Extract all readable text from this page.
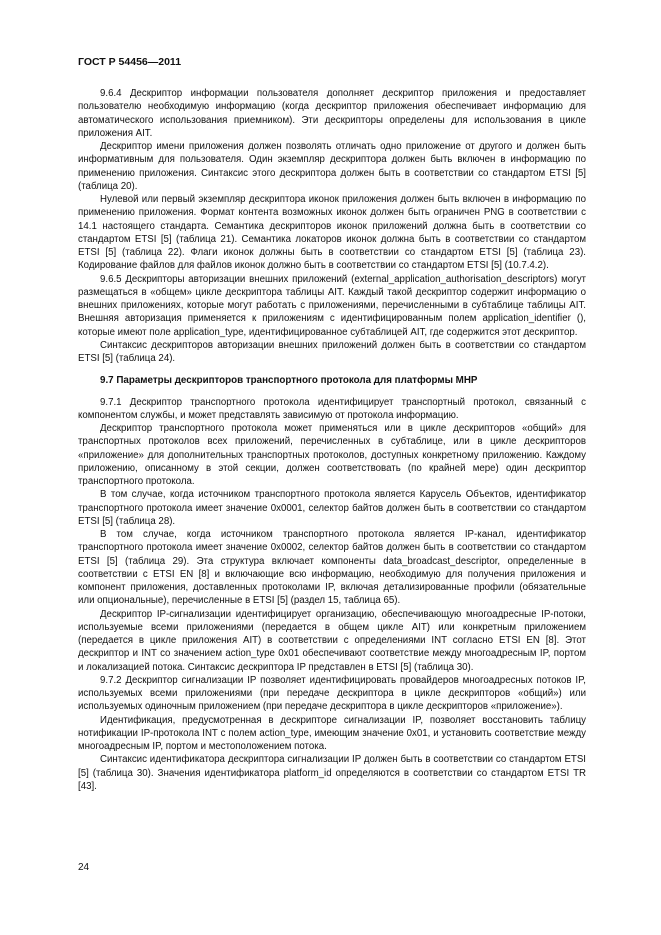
ГОСТ Р 54456—2011

9.6.4 Дескриптор информации пользователя дополняет дескриптор приложения и предоставляет пользователю необходимую информацию (когда дескриптор приложения обеспечивает информацию для автоматического использования приемником). Эти дескрипторы определены для использования в цикле приложения AIT.

Дескриптор имени приложения должен позволять отличать одно приложение от другого и должен быть информативным для пользователя. Один экземпляр дескриптора должен быть включен в информацию по применению приложения. Синтаксис этого дескриптора должен быть в соответствии со стандартом ETSI [5] (таблица 20).

Нулевой или первый экземпляр дескриптора иконок приложения должен быть включен в информацию по применению приложения. Формат контента возможных иконок должен быть ограничен PNG в соответствии с 14.1 настоящего стандарта. Семантика дескрипторов иконок приложений должна быть в соответствии со стандартом ETSI [5] (таблица 21). Семантика локаторов иконок должна быть в соответствии со стандартом ETSI [5] (таблица 22). Флаги иконок должны быть в соответствии со стандартом ETSI [5] (таблица 23). Кодирование файлов для файлов иконок должно быть в соответствии со стандартом ETSI [5] (10.7.4.2).

9.6.5 Дескрипторы авторизации внешних приложений (external_application_authorisation_descriptors) могут размещаться в «общем» цикле дескриптора таблицы AIT. Каждый такой дескриптор содержит информацию о внешних приложениях, которые могут работать с приложениями, перечисленными в субтаблице таблицы AIT. Внешняя авторизация применяется к приложениям с идентифицированным полем application_identifier (), которые имеют поле application_type, идентифицированное субтаблицей AIT, где содержится этот дескриптор.

Синтаксис дескрипторов авторизации внешних приложений должен быть в соответствии со стандартом ETSI [5] (таблица 24).

9.7 Параметры дескрипторов транспортного протокола для платформы МНР

9.7.1 Дескриптор транспортного протокола идентифицирует транспортный протокол, связанный с компонентом службы, и может представлять зависимую от протокола информацию.

Дескриптор транспортного протокола может применяться или в цикле дескрипторов «общий» для транспортных протоколов всех приложений, перечисленных в субтаблице, или в цикле дескрипторов «приложение» для дополнительных транспортных протоколов, доступных конкретному приложению. Каждому приложению, описанному в этой секции, должен соответствовать (по крайней мере) один дескриптор транспортного протокола.

В том случае, когда источником транспортного протокола является Карусель Объектов, идентификатор транспортного протокола имеет значение 0x0001, селектор байтов должен быть в соответствии со стандартом ETSI [5] (таблица 28).

В том случае, когда источником транспортного протокола является IP-канал, идентификатор транспортного протокола имеет значение 0x0002, селектор байтов должен быть в соответствии со стандартом ETSI [5] (таблица 29). Эта структура включает компоненты data_broadcast_descriptor, определенные в соответствии с ETSI EN [8] и включающие всю информацию, необходимую для получения приложения и компонент приложения, доставленных протоколами IP, включая детализированные профили (обязательные или опциональные), перечисленные в ETSI [5] (раздел 15, таблица 65).

Дескриптор IP-сигнализации идентифицирует организацию, обеспечивающую многоадресные IP-потоки, используемые всеми приложениями (передается в общем цикле AIT) или конкретным приложением (передается в цикле приложения AIT) в соответствии с определениями INT согласно ETSI EN [8]. Этот дескриптор и INT со значением action_type 0x01 обеспечивают соответствие между многоадресным IP, портом и локализацией потока. Синтаксис дескриптора IP представлен в ETSI [5] (таблица 30).

9.7.2 Дескриптор сигнализации IP позволяет идентифицировать провайдеров многоадресных потоков IP, используемых всеми приложениями (при передаче дескриптора в цикле дескрипторов «общий») или используемых одиночным приложением (при передаче дескриптора в цикле дескрипторов «приложение»).

Идентификация, предусмотренная в дескрипторе сигнализации IP, позволяет восстановить таблицу нотификации IP-протокола INT с полем action_type, имеющим значение 0x01, и установить соответствие между многоадресным IP, портом и местоположением потока.

Синтаксис идентификатора дескриптора сигнализации IP должен быть в соответствии со стандартом ETSI [5] (таблица 30). Значения идентификатора platform_id определяются в соответствии со стандартом ETSI TR [43].

24
